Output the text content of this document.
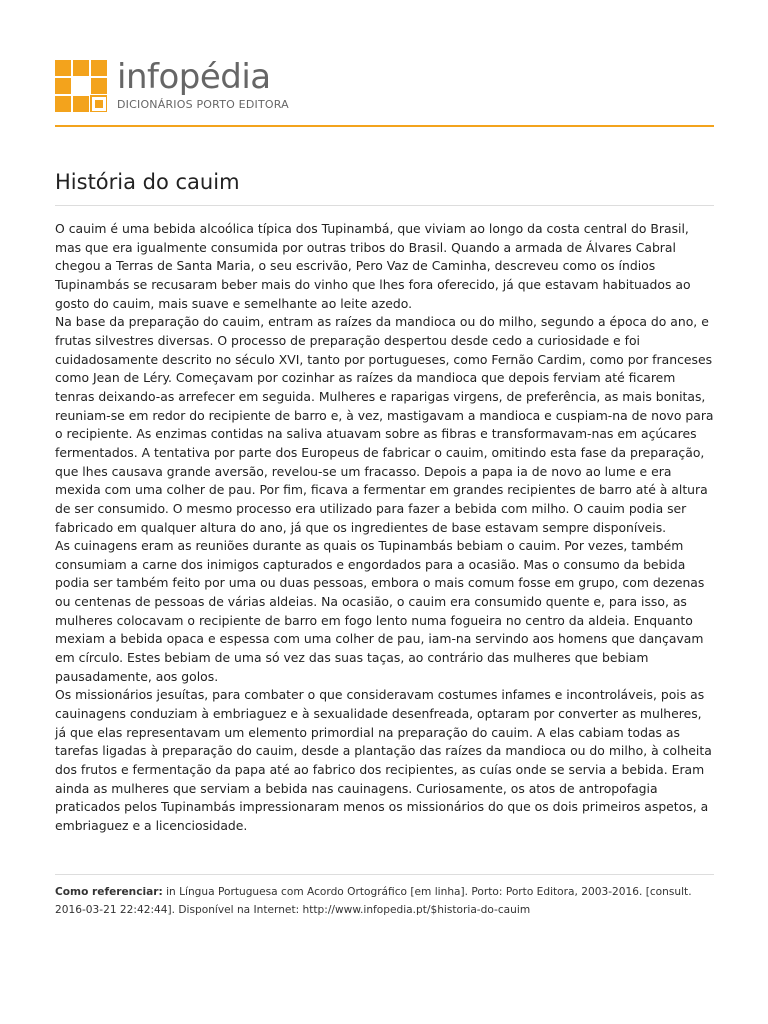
infopédia
DICIONÁRIOS PORTO EDITORA
História do cauim

O cauim é uma bebida alcoólica típica dos Tupinambá, que viviam ao longo da costa central do Brasil, mas que era igualmente consumida por outras tribos do Brasil. Quando a armada de Álvares Cabral chegou a Terras de Santa Maria, o seu escrivão, Pero Vaz de Caminha, descreveu como os índios Tupinambás se recusaram beber mais do vinho que lhes fora oferecido, já que estavam habituados ao gosto do cauim, mais suave e semelhante ao leite azedo.

Na base da preparação do cauim, entram as raízes da mandioca ou do milho, segundo a época do ano, e frutas silvestres diversas. O processo de preparação despertou desde cedo a curiosidade e foi cuidadosamente descrito no século XVI, tanto por portugueses, como Fernão Cardim, como por franceses como Jean de Léry. Começavam por cozinhar as raízes da mandioca que depois ferviam até ficarem tenras deixando-as arrefecer em seguida. Mulheres e raparigas virgens, de preferência, as mais bonitas, reuniam-se em redor do recipiente de barro e, à vez, mastigavam a mandioca e cuspiam-na de novo para o recipiente. As enzimas contidas na saliva atuavam sobre as fibras e transformavam-nas em açúcares fermentados. A tentativa por parte dos Europeus de fabricar o cauim, omitindo esta fase da preparação, que lhes causava grande aversão, revelou-se um fracasso. Depois a papa ia de novo ao lume e era mexida com uma colher de pau. Por fim, ficava a fermentar em grandes recipientes de barro até à altura de ser consumido. O mesmo processo era utilizado para fazer a bebida com milho. O cauim podia ser fabricado em qualquer altura do ano, já que os ingredientes de base estavam sempre disponíveis.

As cuinagens eram as reuniões durante as quais os Tupinambás bebiam o cauim. Por vezes, também consumiam a carne dos inimigos capturados e engordados para a ocasião. Mas o consumo da bebida podia ser também feito por uma ou duas pessoas, embora o mais comum fosse em grupo, com dezenas ou centenas de pessoas de várias aldeias. Na ocasião, o cauim era consumido quente e, para isso, as mulheres colocavam o recipiente de barro em fogo lento numa fogueira no centro da aldeia. Enquanto mexiam a bebida opaca e espessa com uma colher de pau, iam-na servindo aos homens que dançavam em círculo. Estes bebiam de uma só vez das suas taças, ao contrário das mulheres que bebiam pausadamente, aos golos.

Os missionários jesuítas, para combater o que consideravam costumes infames e incontroláveis, pois as cauinagens conduziam à embriaguez e à sexualidade desenfreada, optaram por converter as mulheres, já que elas representavam um elemento primordial na preparação do cauim. A elas cabiam todas as tarefas ligadas à preparação do cauim, desde a plantação das raízes da mandioca ou do milho, à colheita dos frutos e fermentação da papa até ao fabrico dos recipientes, as cuías onde se servia a bebida. Eram ainda as mulheres que serviam a bebida nas cauinagens. Curiosamente, os atos de antropofagia praticados pelos Tupinambás impressionaram menos os missionários do que os dois primeiros aspetos, a embriaguez e a licenciosidade.

Como referenciar: in Língua Portuguesa com Acordo Ortográfico [em linha]. Porto: Porto Editora, 2003-2016. [consult. 2016-03-21 22:42:44]. Disponível na Internet: http://www.infopedia.pt/$historia-do-cauim
